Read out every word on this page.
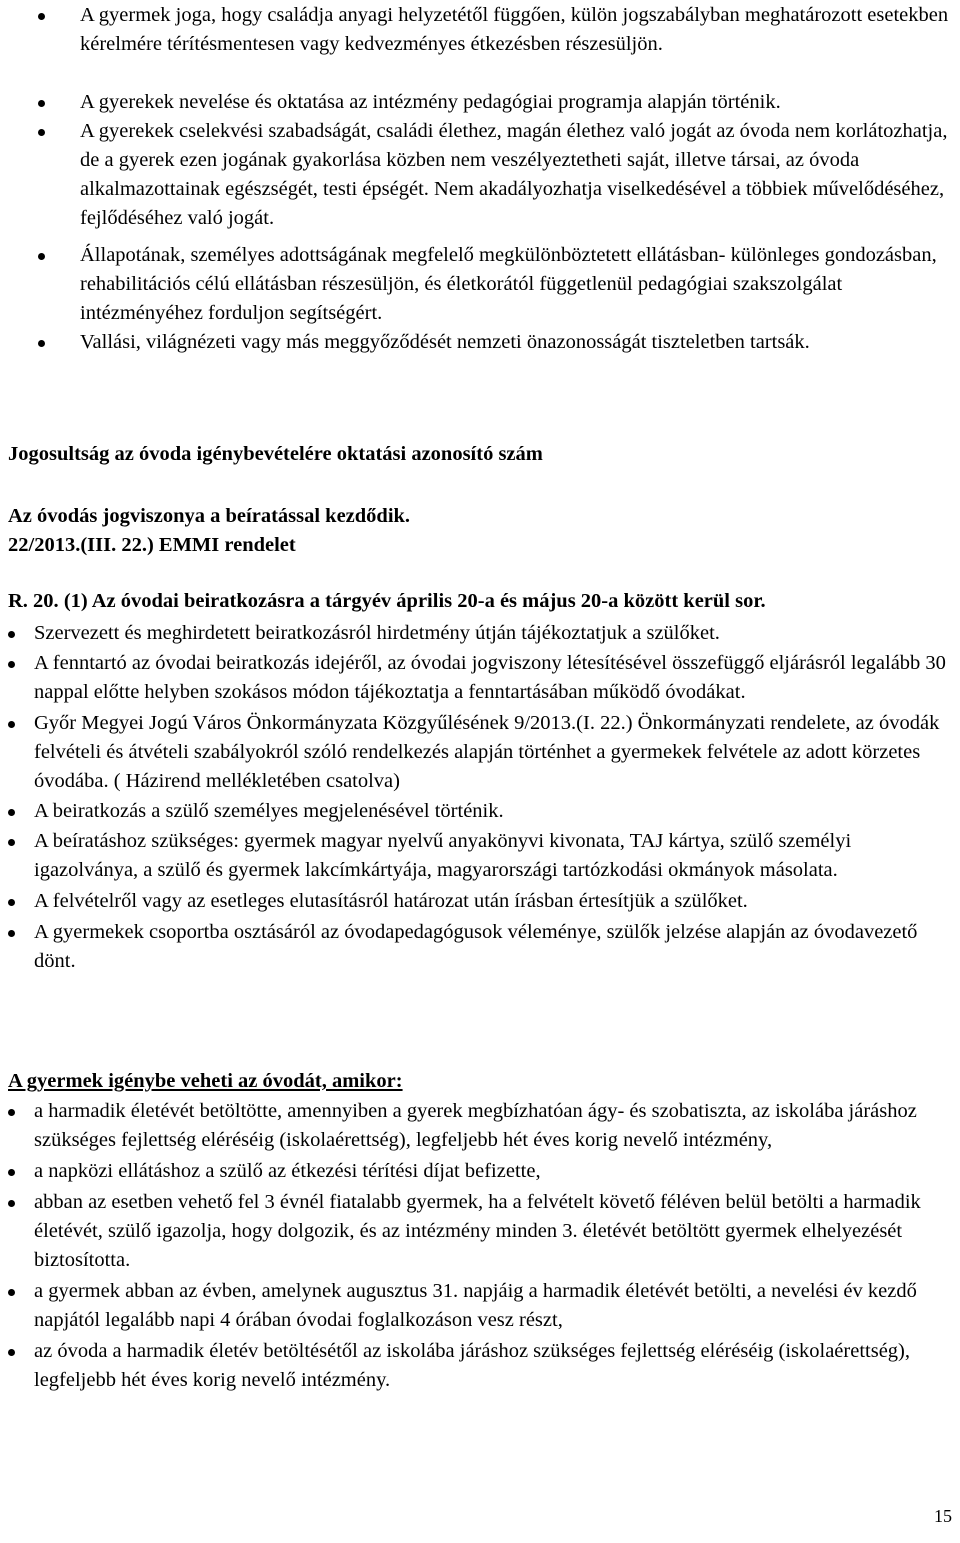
A gyermek joga, hogy családja anyagi helyzetétől függően, külön jogszabályban meghatározott esetekben kérelmére térítésmentesen vagy kedvezményes étkezésben részesüljön.
A gyerekek nevelése és oktatása az intézmény pedagógiai programja alapján történik.
A gyerekek cselekvési szabadságát, családi élethez, magán élethez való jogát az óvoda nem korlátozhatja, de a gyerek ezen jogának gyakorlása közben nem veszélyeztetheti saját, illetve társai, az óvoda alkalmazottainak egészségét, testi épségét. Nem akadályozhatja viselkedésével a többiek művelődéséhez, fejlődéséhez való jogát.
Állapotának, személyes adottságának megfelelő megkülönböztetett ellátásban- különleges gondozásban, rehabilitációs célú ellátásban részesüljön, és életkorától függetlenül pedagógiai szakszolgálat intézményéhez forduljon segítségért.
Vallási, világnézeti vagy más meggyőződését nemzeti önazonosságát tiszteletben tartsák.
Jogosultság az óvoda igénybevételére oktatási azonosító szám
Az óvodás jogviszonya a beíratással kezdődik.
22/2013.(III. 22.) EMMI rendelet
R. 20. (1) Az óvodai beiratkozásra a tárgyév április 20-a és május 20-a között kerül sor.
Szervezett és meghirdetett beiratkozásról hirdetmény útján tájékoztatjuk a szülőket.
A fenntartó az óvodai beiratkozás idejéről, az óvodai jogviszony létesítésével összefüggő eljárásról legalább 30 nappal előtte helyben szokásos módon tájékoztatja a fenntartásában működő óvodákat.
Győr Megyei Jogú Város Önkormányzata Közgyűlésének 9/2013.(I. 22.) Önkormányzati rendelete, az óvodák felvételi és átvételi szabályokról szóló rendelkezés alapján történhet a gyermekek felvétele az adott körzetes óvodába. ( Házirend mellékletében csatolva)
A beiratkozás a szülő személyes megjelenésével történik.
A beíratáshoz szükséges: gyermek magyar nyelvű anyakönyvi kivonata, TAJ kártya, szülő személyi igazolványa, a szülő és gyermek lakcímkártyája, magyarországi tartózkodási okmányok másolata.
A felvételről vagy az esetleges elutasításról határozat után írásban értesítjük a szülőket.
A gyermekek csoportba osztásáról az óvodapedagógusok véleménye, szülők jelzése alapján az óvodavezető dönt.
A gyermek igénybe veheti az óvodát, amikor:
a harmadik életévét betöltötte, amennyiben a gyerek megbízhatóan ágy- és szobatiszta, az iskolába járáshoz szükséges fejlettség eléréséig (iskolaérettség), legfeljebb hét éves korig nevelő intézmény,
a napközi ellátáshoz a szülő az étkezési térítési díjat befizette,
abban az esetben vehető fel 3 évnél fiatalabb gyermek, ha a felvételt követő féléven belül betölti a harmadik életévét, szülő igazolja, hogy dolgozik, és az intézmény minden 3. életévét betöltött gyermek elhelyezését biztosította.
a gyermek abban az évben, amelynek augusztus 31. napjáig a harmadik életévét betölti, a nevelési év kezdő napjától legalább napi 4 órában óvodai foglalkozáson vesz részt,
az óvoda a harmadik életév betöltésétől az iskolába járáshoz szükséges fejlettség eléréséig (iskolaérettség), legfeljebb hét éves korig nevelő intézmény.
15
